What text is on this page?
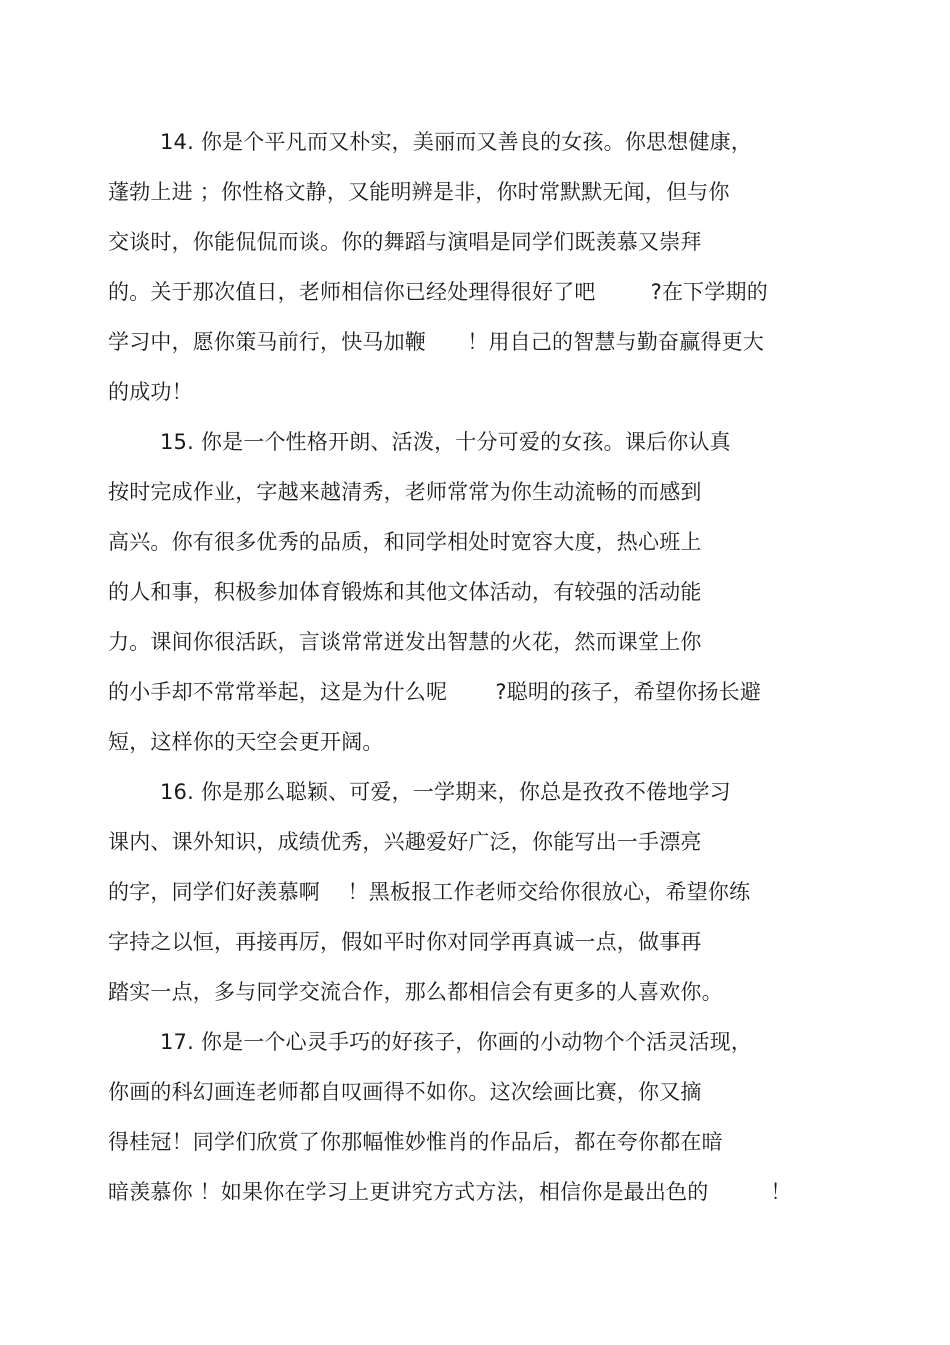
14. 你是个平凡而又朴实，美丽而又善良的女孩。你思想健康，
蓬勃上进 ；你性格文静，又能明辨是非，你时常默默无闻，但与你
交谈时，你能侃侃而谈。你的舞蹈与演唱是同学们既羡慕又崇拜
的。关于那次值日，老师相信你已经处理得很好了吧        ?在下学期的
学习中，愿你策马前行，快马加鞭      ！用自己的智慧与勤奋赢得更大
的成功！
15. 你是一个性格开朗、活泼，十分可爱的女孩。课后你认真
按时完成作业，字越来越清秀，老师常常为你生动流畅的而感到
高兴。你有很多优秀的品质，和同学相处时宽容大度，热心班上
的人和事，积极参加体育锻炼和其他文体活动，有较强的活动能
力。课间你很活跃，言谈常常迸发出智慧的火花，然而课堂上你
的小手却不常常举起，这是为什么呢       ?聪明的孩子，希望你扬长避
短，这样你的天空会更开阔。
16. 你是那么聪颖、可爱，一学期来，你总是孜孜不倦地学习
课内、课外知识，成绩优秀，兴趣爱好广泛，你能写出一手漂亮
的字，同学们好羡慕啊    ！黑板报工作老师交给你很放心，希望你练
字持之以恒，再接再厉，假如平时你对同学再真诚一点，做事再
踏实一点，多与同学交流合作，那么都相信会有更多的人喜欢你。
17. 你是一个心灵手巧的好孩子，你画的小动物个个活灵活现，
你画的科幻画连老师都自叹画得不如你。这次绘画比赛，你又摘
得桂冠！同学们欣赏了你那幅惟妙惟肖的作品后，都在夸你都在暗
暗羡慕你 ！如果你在学习上更讲究方式方法，相信你是最出色的         ！
